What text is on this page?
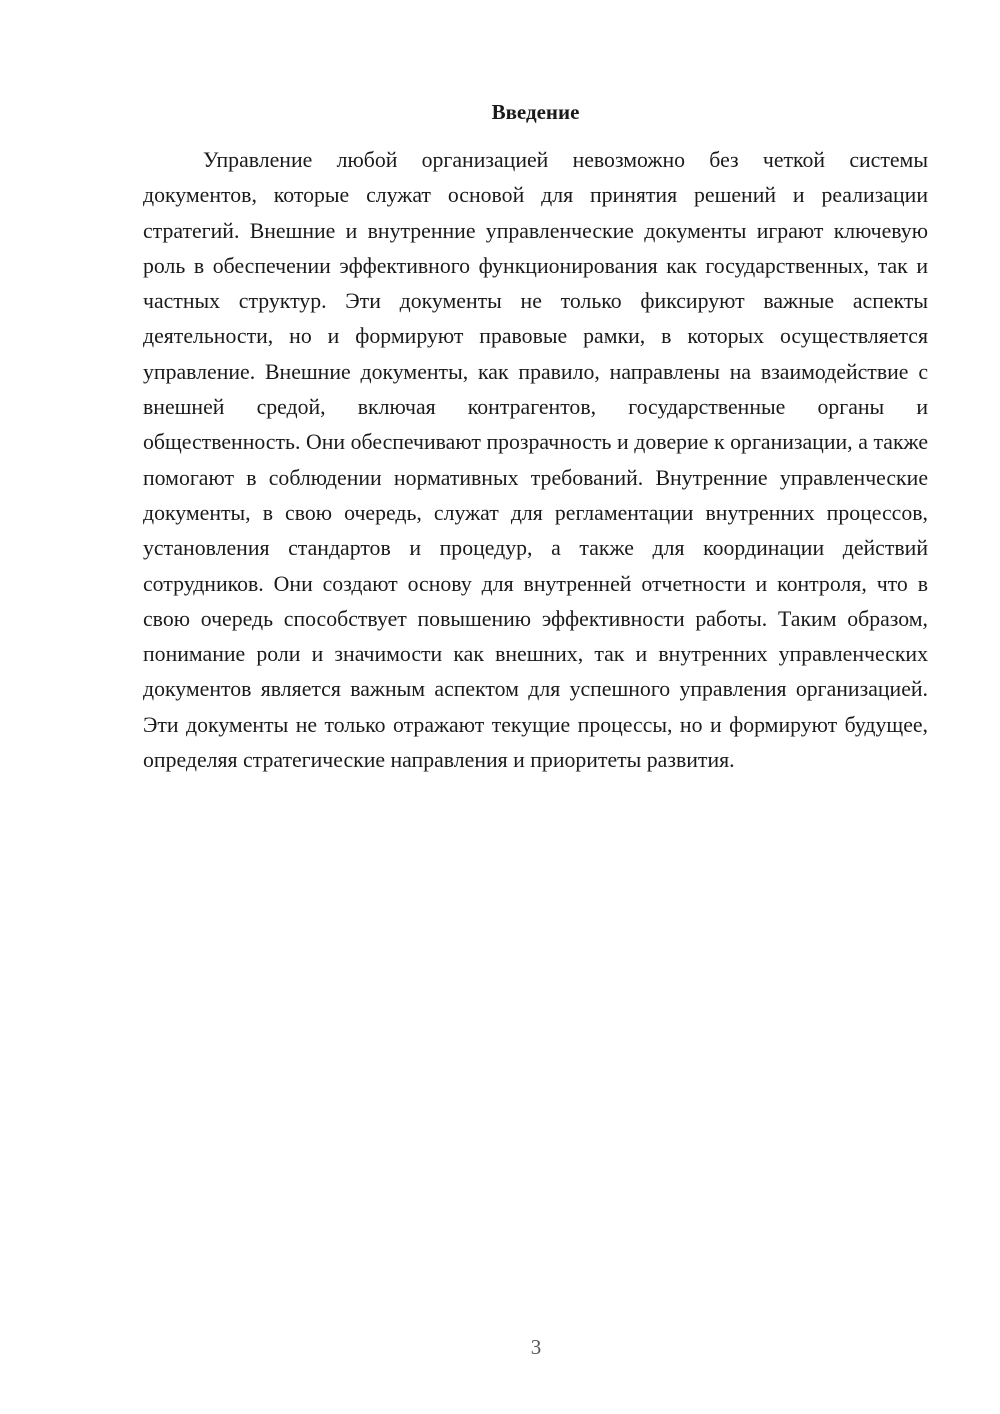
Введение

Управление любой организацией невозможно без четкой системы документов, которые служат основой для принятия решений и реализации стратегий. Внешние и внутренние управленческие документы играют ключевую роль в обеспечении эффективного функционирования как государственных, так и частных структур. Эти документы не только фиксируют важные аспекты деятельности, но и формируют правовые рамки, в которых осуществляется управление. Внешние документы, как правило, направлены на взаимодействие с внешней средой, включая контрагентов, государственные органы и общественность. Они обеспечивают прозрачность и доверие к организации, а также помогают в соблюдении нормативных требований. Внутренние управленческие документы, в свою очередь, служат для регламентации внутренних процессов, установления стандартов и процедур, а также для координации действий сотрудников. Они создают основу для внутренней отчетности и контроля, что в свою очередь способствует повышению эффективности работы. Таким образом, понимание роли и значимости как внешних, так и внутренних управленческих документов является важным аспектом для успешного управления организацией. Эти документы не только отражают текущие процессы, но и формируют будущее, определяя стратегические направления и приоритеты развития.

3
